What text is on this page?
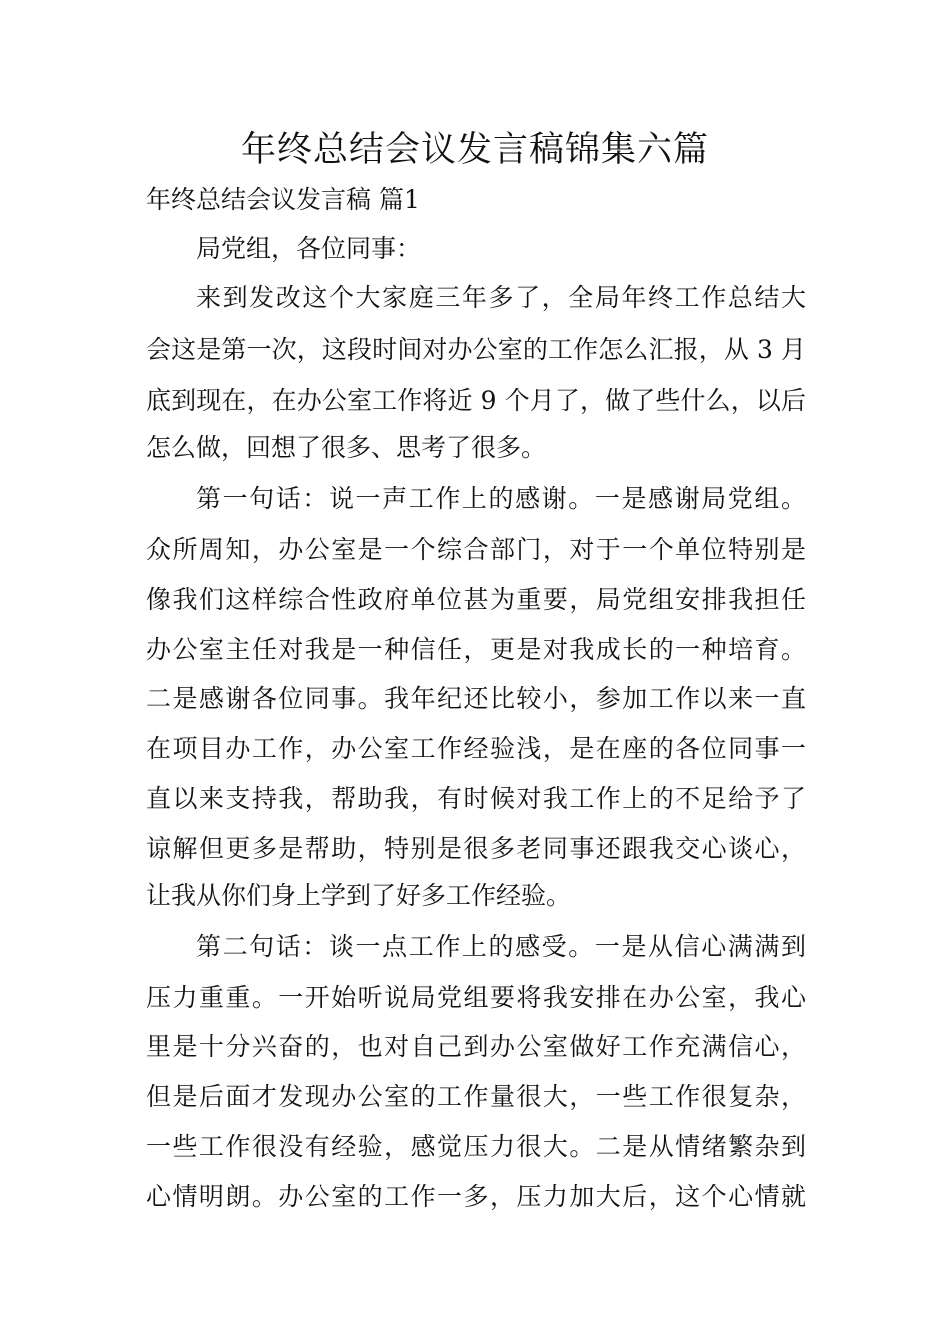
年终总结会议发言稿锦集六篇

年终总结会议发言稿 篇1

局党组，各位同事：

来到发改这个大家庭三年多了，全局年终工作总结大

会这是第一次，这段时间对办公室的工作怎么汇报，从 3 月

底到现在，在办公室工作将近 9 个月了，做了些什么，以后

怎么做，回想了很多、思考了很多。

第一句话：说一声工作上的感谢。一是感谢局党组。

众所周知，办公室是一个综合部门，对于一个单位特别是

像我们这样综合性政府单位甚为重要，局党组安排我担任

办公室主任对我是一种信任，更是对我成长的一种培育。

二是感谢各位同事。我年纪还比较小，参加工作以来一直

在项目办工作，办公室工作经验浅，是在座的各位同事一

直以来支持我，帮助我，有时候对我工作上的不足给予了

谅解但更多是帮助，特别是很多老同事还跟我交心谈心，

让我从你们身上学到了好多工作经验。

第二句话：谈一点工作上的感受。一是从信心满满到

压力重重。一开始听说局党组要将我安排在办公室，我心

里是十分兴奋的，也对自己到办公室做好工作充满信心，

但是后面才发现办公室的工作量很大，一些工作很复杂，

一些工作很没有经验，感觉压力很大。二是从情绪繁杂到

心情明朗。办公室的工作一多，压力加大后，这个心情就
